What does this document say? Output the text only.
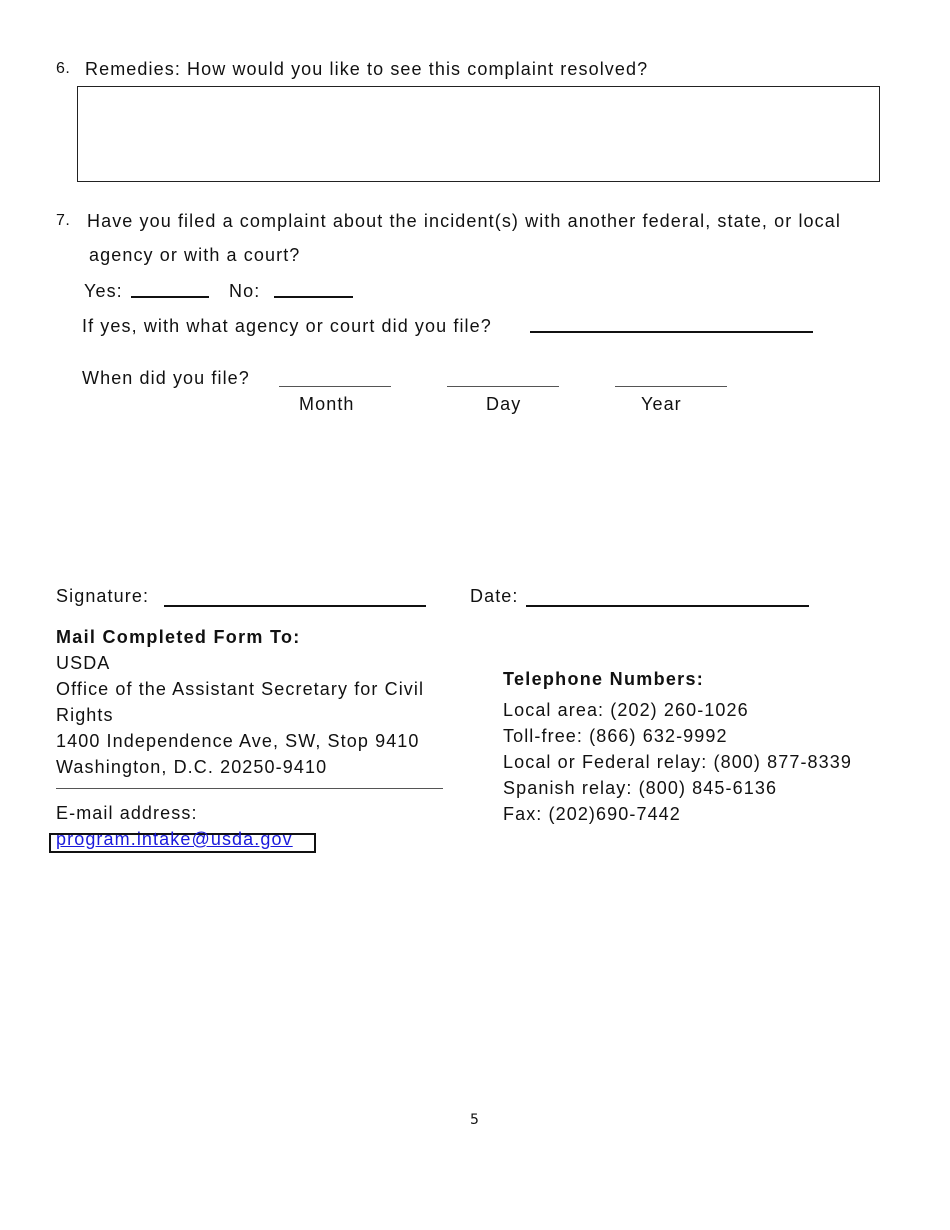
6. Remedies: How would you like to see this complaint resolved?
7. Have you filed a complaint about the incident(s) with another federal, state, or local
agency or with a court?
Yes:	No:
If yes, with what agency or court did you file?
When did you file?
Month	Day	Year
Signature:	Date:
Mail Completed Form To:
USDA
Office of the Assistant Secretary for Civil
Rights
1400 Independence Ave, SW, Stop 9410
Washington, D.C. 20250-9410
E-mail address:
program.intake@usda.gov
Telephone Numbers:
Local area: (202) 260-1026
Toll-free: (866) 632-9992
Local or Federal relay: (800) 877-8339
Spanish relay: (800) 845-6136
Fax: (202)690-7442
5
